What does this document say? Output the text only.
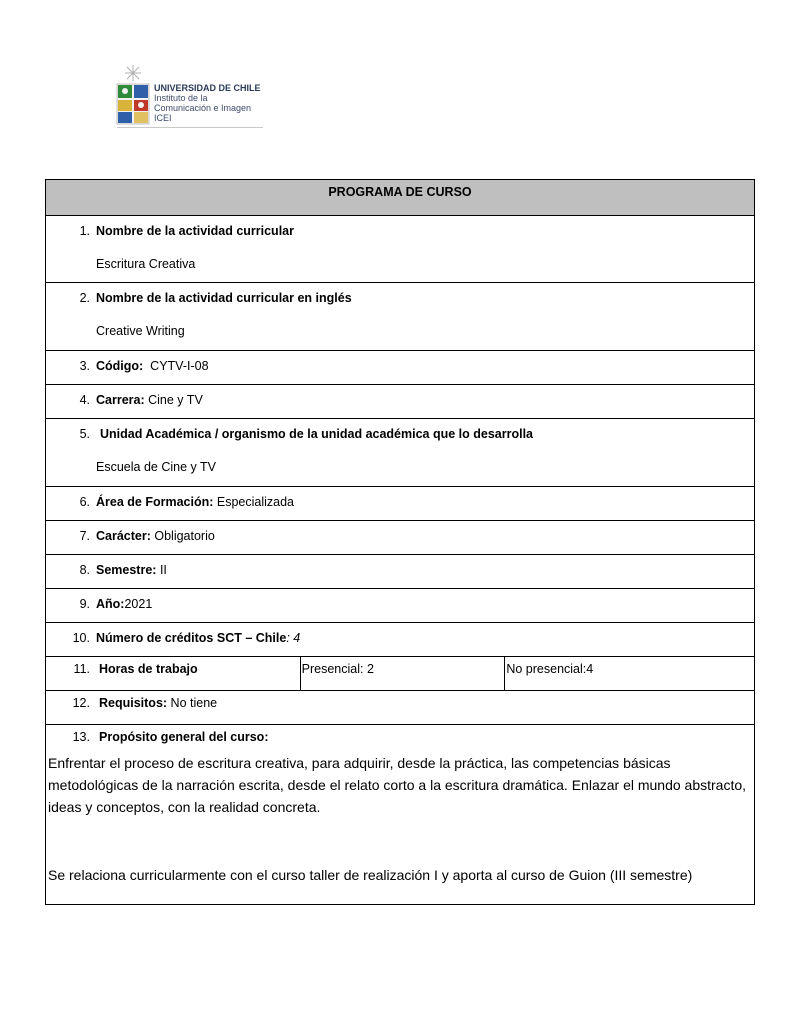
UNIVERSIDAD DE CHILE
Instituto de la
Comunicación e Imagen
ICEI
PROGRAMA DE CURSO

1. Nombre de la actividad curricular
Escritura Creativa

2. Nombre de la actividad curricular en inglés
Creative Writing

3. Código: CYTV-I-08

4. Carrera: Cine y TV

5. Unidad Académica / organismo de la unidad académica que lo desarrolla
Escuela de Cine y TV

6. Área de Formación: Especializada

7. Carácter: Obligatorio

8. Semestre: II

9. Año:2021

10. Número de créditos SCT – Chile: 4

11. Horas de trabajo	Presencial: 2	No presencial:4

12. Requisitos: No tiene

13. Propósito general del curso:
Enfrentar el proceso de escritura creativa, para adquirir, desde la práctica, las competencias básicas metodológicas de la narración escrita, desde el relato corto a la escritura dramática. Enlazar el mundo abstracto, ideas y conceptos, con la realidad concreta.
Se relaciona curricularmente con el curso taller de realización I y aporta al curso de Guion (III semestre)
